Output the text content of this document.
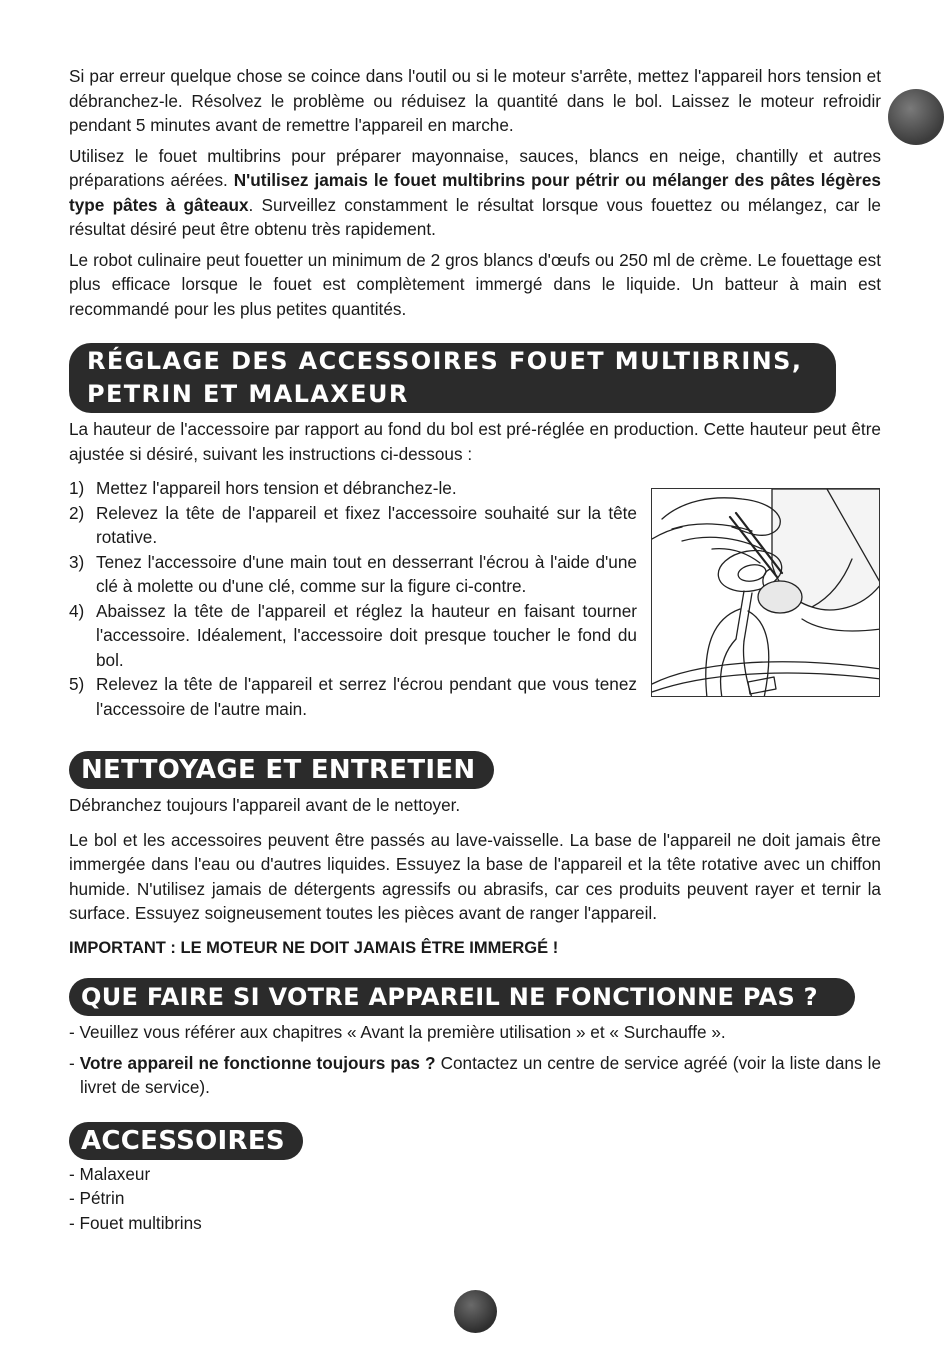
Si par erreur quelque chose se coince dans l'outil ou si le moteur s'arrête, mettez l'appareil hors tension et débranchez-le. Résolvez le problème ou réduisez la quantité dans le bol. Laissez le moteur refroidir pendant 5 minutes avant de remettre l'appareil en marche.

Utilisez le fouet multibrins pour préparer mayonnaise, sauces, blancs en neige, chantilly et autres préparations aérées. N'utilisez jamais le fouet multibrins pour pétrir ou mélanger des pâtes légères type pâtes à gâteaux. Surveillez constamment le résultat lorsque vous fouettez ou mélangez, car le résultat désiré peut être obtenu très rapidement.

Le robot culinaire peut fouetter un minimum de 2 gros blancs d'œufs ou 250 ml de crème. Le fouettage est plus efficace lorsque le fouet est complètement immergé dans le liquide. Un batteur à main est recommandé pour les plus petites quantités.

RÉGLAGE DES ACCESSOIRES FOUET MULTIBRINS, PETRIN ET MALAXEUR

La hauteur de l'accessoire par rapport au fond du bol est pré-réglée en production. Cette hauteur peut être ajustée si désiré, suivant les instructions ci-dessous :

1) Mettez l'appareil hors tension et débranchez-le.
2) Relevez la tête de l'appareil et fixez l'accessoire souhaité sur la tête rotative.
3) Tenez l'accessoire d'une main tout en desserrant l'écrou à l'aide d'une clé à molette ou d'une clé, comme sur la figure ci-contre.
4) Abaissez la tête de l'appareil et réglez la hauteur en faisant tourner l'accessoire. Idéalement, l'accessoire doit presque toucher le fond du bol.
5) Relevez la tête de l'appareil et serrez l'écrou pendant que vous tenez l'accessoire de l'autre main.
NETTOYAGE ET ENTRETIEN

Débranchez toujours l'appareil avant de le nettoyer.

Le bol et les accessoires peuvent être passés au lave-vaisselle. La base de l'appareil ne doit jamais être immergée dans l'eau ou d'autres liquides. Essuyez la base de l'appareil et la tête rotative avec un chiffon humide. N'utilisez jamais de détergents agressifs ou abrasifs, car ces produits peuvent rayer et ternir la surface. Essuyez soigneusement toutes les pièces avant de ranger l'appareil.

IMPORTANT : LE MOTEUR NE DOIT JAMAIS ÊTRE IMMERGÉ !

QUE FAIRE SI VOTRE APPAREIL NE FONCTIONNE PAS ?

- Veuillez vous référer aux chapitres « Avant la première utilisation » et « Surchauffe ».

- Votre appareil ne fonctionne toujours pas ? Contactez un centre de service agréé (voir la liste dans le livret de service).

ACCESSOIRES

- Malaxeur

- Pétrin

- Fouet multibrins
